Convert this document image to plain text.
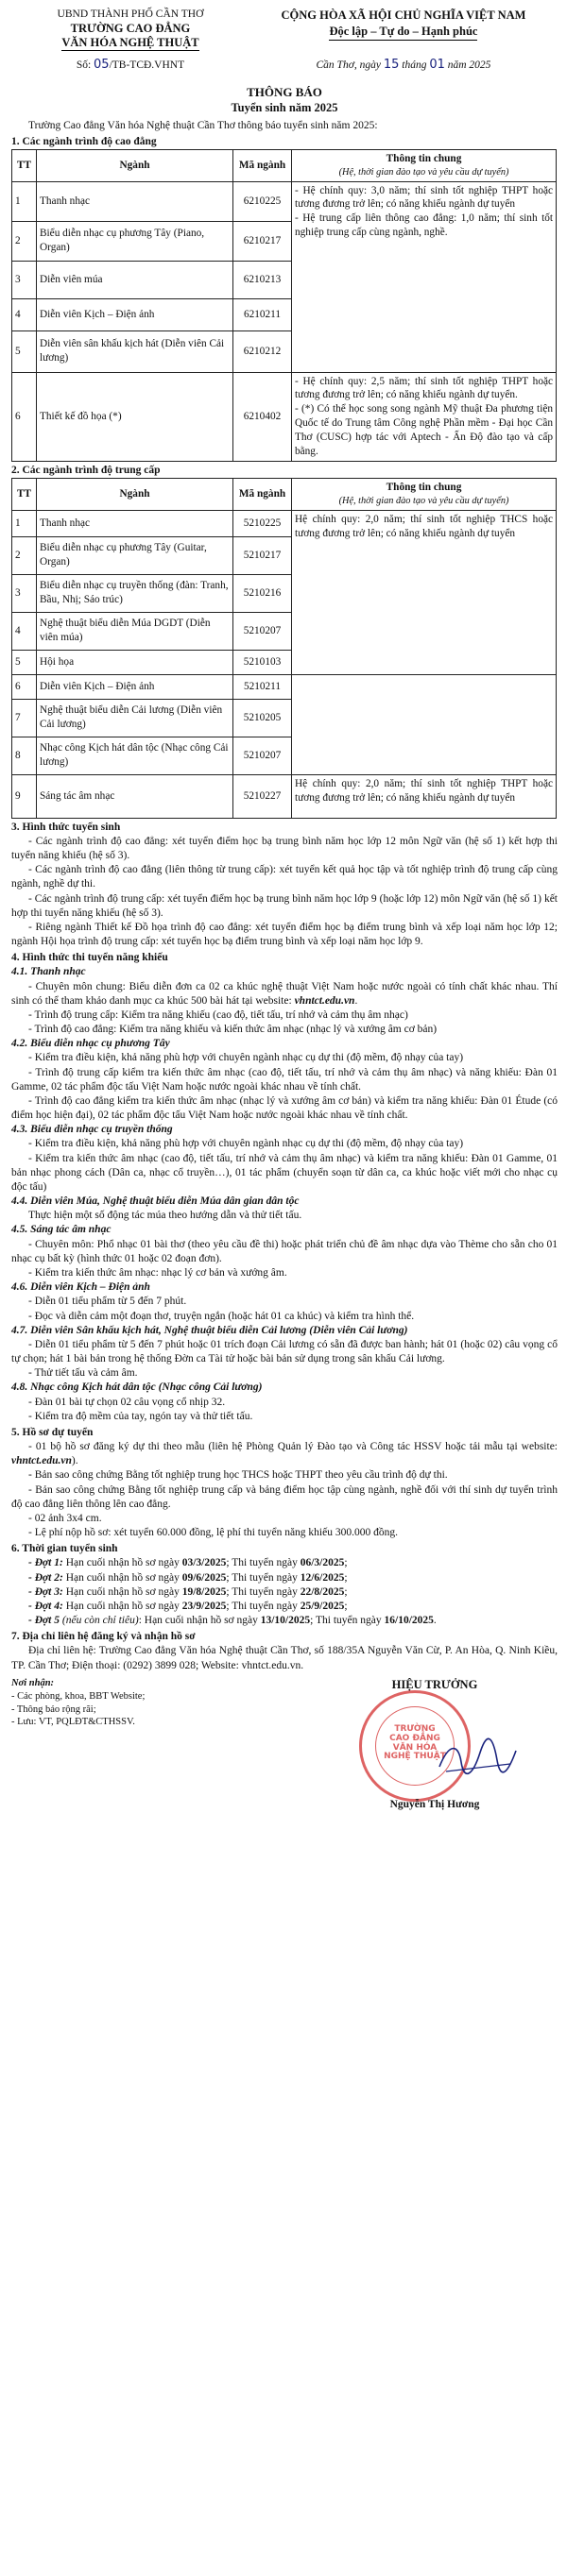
UBND THÀNH PHỐ CẦN THƠ
TRƯỜNG CAO ĐẲNG
VĂN HÓA NGHỆ THUẬT
CỘNG HÒA XÃ HỘI CHỦ NGHĨA VIỆT NAM
Độc lập – Tự do – Hạnh phúc
Số: 05/TB-TCĐ.VHNT	Cần Thơ, ngày 15 tháng 01 năm 2025
THÔNG BÁO
Tuyển sinh năm 2025
Trường Cao đẳng Văn hóa Nghệ thuật Cần Thơ thông báo tuyển sinh năm 2025:
1. Các ngành trình độ cao đẳng
TT	Ngành	Mã ngành	Thông tin chung
(Hệ, thời gian đào tạo và yêu cầu dự tuyển)

1	Thanh nhạc	6210225	- Hệ chính quy: 3,0 năm; thí sinh tốt nghiệp THPT hoặc tương đương trở lên; có năng khiếu ngành dự tuyển
- Hệ trung cấp liên thông cao đẳng: 1,0 năm; thí sinh tốt nghiệp trung cấp cùng ngành, nghề.

2	Biểu diễn nhạc cụ phương Tây (Piano, Organ)	6210217	
3	Diễn viên múa	6210213	
4	Diễn viên Kịch – Điện ảnh	6210211	
5	Diễn viên sân khấu kịch hát (Diễn viên Cải lương)	6210212	
6	Thiết kế đồ họa (*)	6210402	- Hệ chính quy: 2,5 năm; thí sinh tốt nghiệp THPT hoặc tương đương trở lên; có năng khiếu ngành dự tuyển.
- (*) Có thể học song song ngành Mỹ thuật Đa phương tiện Quốc tế do Trung tâm Công nghệ Phần mềm - Đại học Cần Thơ (CUSC) hợp tác với Aptech - Ấn Độ đào tạo và cấp bằng.
2. Các ngành trình độ trung cấp
TT	Ngành	Mã ngành	Thông tin chung
(Hệ, thời gian đào tạo và yêu cầu dự tuyển)

1	Thanh nhạc	5210225	Hệ chính quy: 2,0 năm; thí sinh tốt nghiệp THCS hoặc tương đương trở lên; có năng khiếu ngành dự tuyển

2	Biểu diễn nhạc cụ phương Tây (Guitar, Organ)	5210217	
3	Biểu diễn nhạc cụ truyền thống (đàn: Tranh, Bầu, Nhị; Sáo trúc)	5210216	
4	Nghệ thuật biểu diễn Múa DGDT (Diễn viên múa)	5210207	
5	Hội họa	5210103	
6	Diễn viên Kịch – Điện ảnh	5210211	
7	Nghệ thuật biểu diễn Cải lương (Diễn viên Cải lương)	5210205	
8	Nhạc công Kịch hát dân tộc (Nhạc công Cải lương)	5210207	
9	Sáng tác âm nhạc	5210227	Hệ chính quy: 2,0 năm; thí sinh tốt nghiệp THPT hoặc tương đương trở lên; có năng khiếu ngành dự tuyển
3. Hình thức tuyển sinh
- Các ngành trình độ cao đẳng: xét tuyển điểm học bạ trung bình năm học lớp 12 môn Ngữ văn (hệ số 1) kết hợp thi tuyển năng khiếu (hệ số 3).
- Các ngành trình độ cao đẳng (liên thông từ trung cấp): xét tuyển kết quả học tập và tốt nghiệp trình độ trung cấp cùng ngành, nghề dự thi.
- Các ngành trình độ trung cấp: xét tuyển điểm học bạ trung bình năm học lớp 9 (hoặc lớp 12) môn Ngữ văn (hệ số 1) kết hợp thi tuyển năng khiếu (hệ số 3).
- Riêng ngành Thiết kế Đồ họa trình độ cao đẳng: xét tuyển điểm học bạ điểm trung bình và xếp loại năm học lớp 12; ngành Hội họa trình độ trung cấp: xét tuyển học bạ điểm trung bình và xếp loại năm học lớp 9.
4. Hình thức thi tuyển năng khiếu
4.1. Thanh nhạc
- Chuyên môn chung: Biểu diễn đơn ca 02 ca khúc nghệ thuật Việt Nam hoặc nước ngoài có tính chất khác nhau. Thí sinh có thể tham khảo danh mục ca khúc 500 bài hát tại website: vhntct.edu.vn.
- Trình độ trung cấp: Kiểm tra năng khiếu (cao độ, tiết tấu, trí nhớ và cảm thụ âm nhạc)
- Trình độ cao đẳng: Kiểm tra năng khiếu và kiến thức âm nhạc (nhạc lý và xướng âm cơ bản)
4.2. Biểu diễn nhạc cụ phương Tây
- Kiểm tra điều kiện, khả năng phù hợp với chuyên ngành nhạc cụ dự thi (độ mềm, độ nhạy của tay)
- Trình độ trung cấp kiểm tra kiến thức âm nhạc (cao độ, tiết tấu, trí nhớ và cảm thụ âm nhạc) và năng khiếu: Đàn 01 Gamme, 02 tác phẩm độc tấu Việt Nam hoặc nước ngoài khác nhau về tính chất.
- Trình độ cao đẳng kiểm tra kiến thức âm nhạc (nhạc lý và xướng âm cơ bản) và kiểm tra năng khiếu: Đàn 01 Étude (có điểm học hiện đại), 02 tác phẩm độc tấu Việt Nam hoặc nước ngoài khác nhau về tính chất.
4.3. Biểu diễn nhạc cụ truyền thống
- Kiểm tra điều kiện, khả năng phù hợp với chuyên ngành nhạc cụ dự thi (độ mềm, độ nhạy của tay)
- Kiểm tra kiến thức âm nhạc (cao độ, tiết tấu, trí nhớ và cảm thụ âm nhạc) và kiểm tra năng khiếu: Đàn 01 Gamme, 01 bản nhạc phong cách (Dân ca, nhạc cổ truyền…), 01 tác phẩm (chuyển soạn từ dân ca, ca khúc hoặc viết mới cho nhạc cụ độc tấu)
4.4. Diễn viên Múa, Nghệ thuật biểu diễn Múa dân gian dân tộc
Thực hiện một số động tác múa theo hướng dẫn và thử tiết tấu.
4.5. Sáng tác âm nhạc
- Chuyên môn: Phổ nhạc 01 bài thơ (theo yêu cầu đề thi) hoặc phát triển chủ đề âm nhạc dựa vào Thème cho sẵn cho 01 nhạc cụ bất kỳ (hình thức 01 hoặc 02 đoạn đơn).
- Kiểm tra kiến thức âm nhạc: nhạc lý cơ bản và xướng âm.
4.6. Diễn viên Kịch – Điện ảnh
- Diễn 01 tiểu phẩm từ 5 đến 7 phút.
- Đọc và diễn cảm một đoạn thơ, truyện ngắn (hoặc hát 01 ca khúc) và kiểm tra hình thể.
4.7. Diễn viên Sân khấu kịch hát, Nghệ thuật biểu diễn Cải lương (Diễn viên Cải lương)
- Diễn 01 tiểu phẩm từ 5 đến 7 phút hoặc 01 trích đoạn Cải lương có sẵn đã được ban hành; hát 01 (hoặc 02) câu vọng cổ tự chọn; hát 1 bài bản trong hệ thống Đờn ca Tài tử hoặc bài bản sử dụng trong sân khấu Cải lương.
- Thử tiết tấu và cảm âm.
4.8. Nhạc công Kịch hát dân tộc (Nhạc công Cải lương)
- Đàn 01 bài tự chọn 02 câu vọng cổ nhịp 32.
- Kiểm tra độ mềm của tay, ngón tay và thử tiết tấu.
5. Hồ sơ dự tuyển
- 01 bộ hồ sơ đăng ký dự thi theo mẫu (liên hệ Phòng Quản lý Đào tạo và Công tác HSSV hoặc tải mẫu tại website: vhntct.edu.vn).
- Bản sao công chứng Bằng tốt nghiệp trung học THCS hoặc THPT theo yêu cầu trình độ dự thi.
- Bản sao công chứng Bằng tốt nghiệp trung cấp và bảng điểm học tập cùng ngành, nghề đối với thí sinh dự tuyển trình độ cao đẳng liên thông lên cao đẳng.
- 02 ảnh 3x4 cm.
- Lệ phí nộp hồ sơ: xét tuyển 60.000 đồng, lệ phí thi tuyển năng khiếu 300.000 đồng.
6. Thời gian tuyển sinh
- Đợt 1: Hạn cuối nhận hồ sơ ngày 03/3/2025; Thi tuyển ngày 06/3/2025;
- Đợt 2: Hạn cuối nhận hồ sơ ngày 09/6/2025; Thi tuyển ngày 12/6/2025;
- Đợt 3: Hạn cuối nhận hồ sơ ngày 19/8/2025; Thi tuyển ngày 22/8/2025;
- Đợt 4: Hạn cuối nhận hồ sơ ngày 23/9/2025; Thi tuyển ngày 25/9/2025;
- Đợt 5 (nếu còn chỉ tiêu): Hạn cuối nhận hồ sơ ngày 13/10/2025; Thi tuyển ngày 16/10/2025.
7. Địa chỉ liên hệ đăng ký và nhận hồ sơ
Địa chỉ liên hệ: Trường Cao đẳng Văn hóa Nghệ thuật Cần Thơ, số 188/35A Nguyễn Văn Cừ, P. An Hòa, Q. Ninh Kiều, TP. Cần Thơ; Điện thoại: (0292) 3899 028; Website: vhntct.edu.vn.
Nơi nhận:
- Các phòng, khoa, BBT Website;
- Thông báo rộng rãi;
- Lưu: VT, PQLĐT&CTHSSV.
HIỆU TRƯỞNG
TRƯỜNG
CAO ĐẲNG
VĂN HÓA
NGHỆ THUẬT
Nguyễn Thị Hương
